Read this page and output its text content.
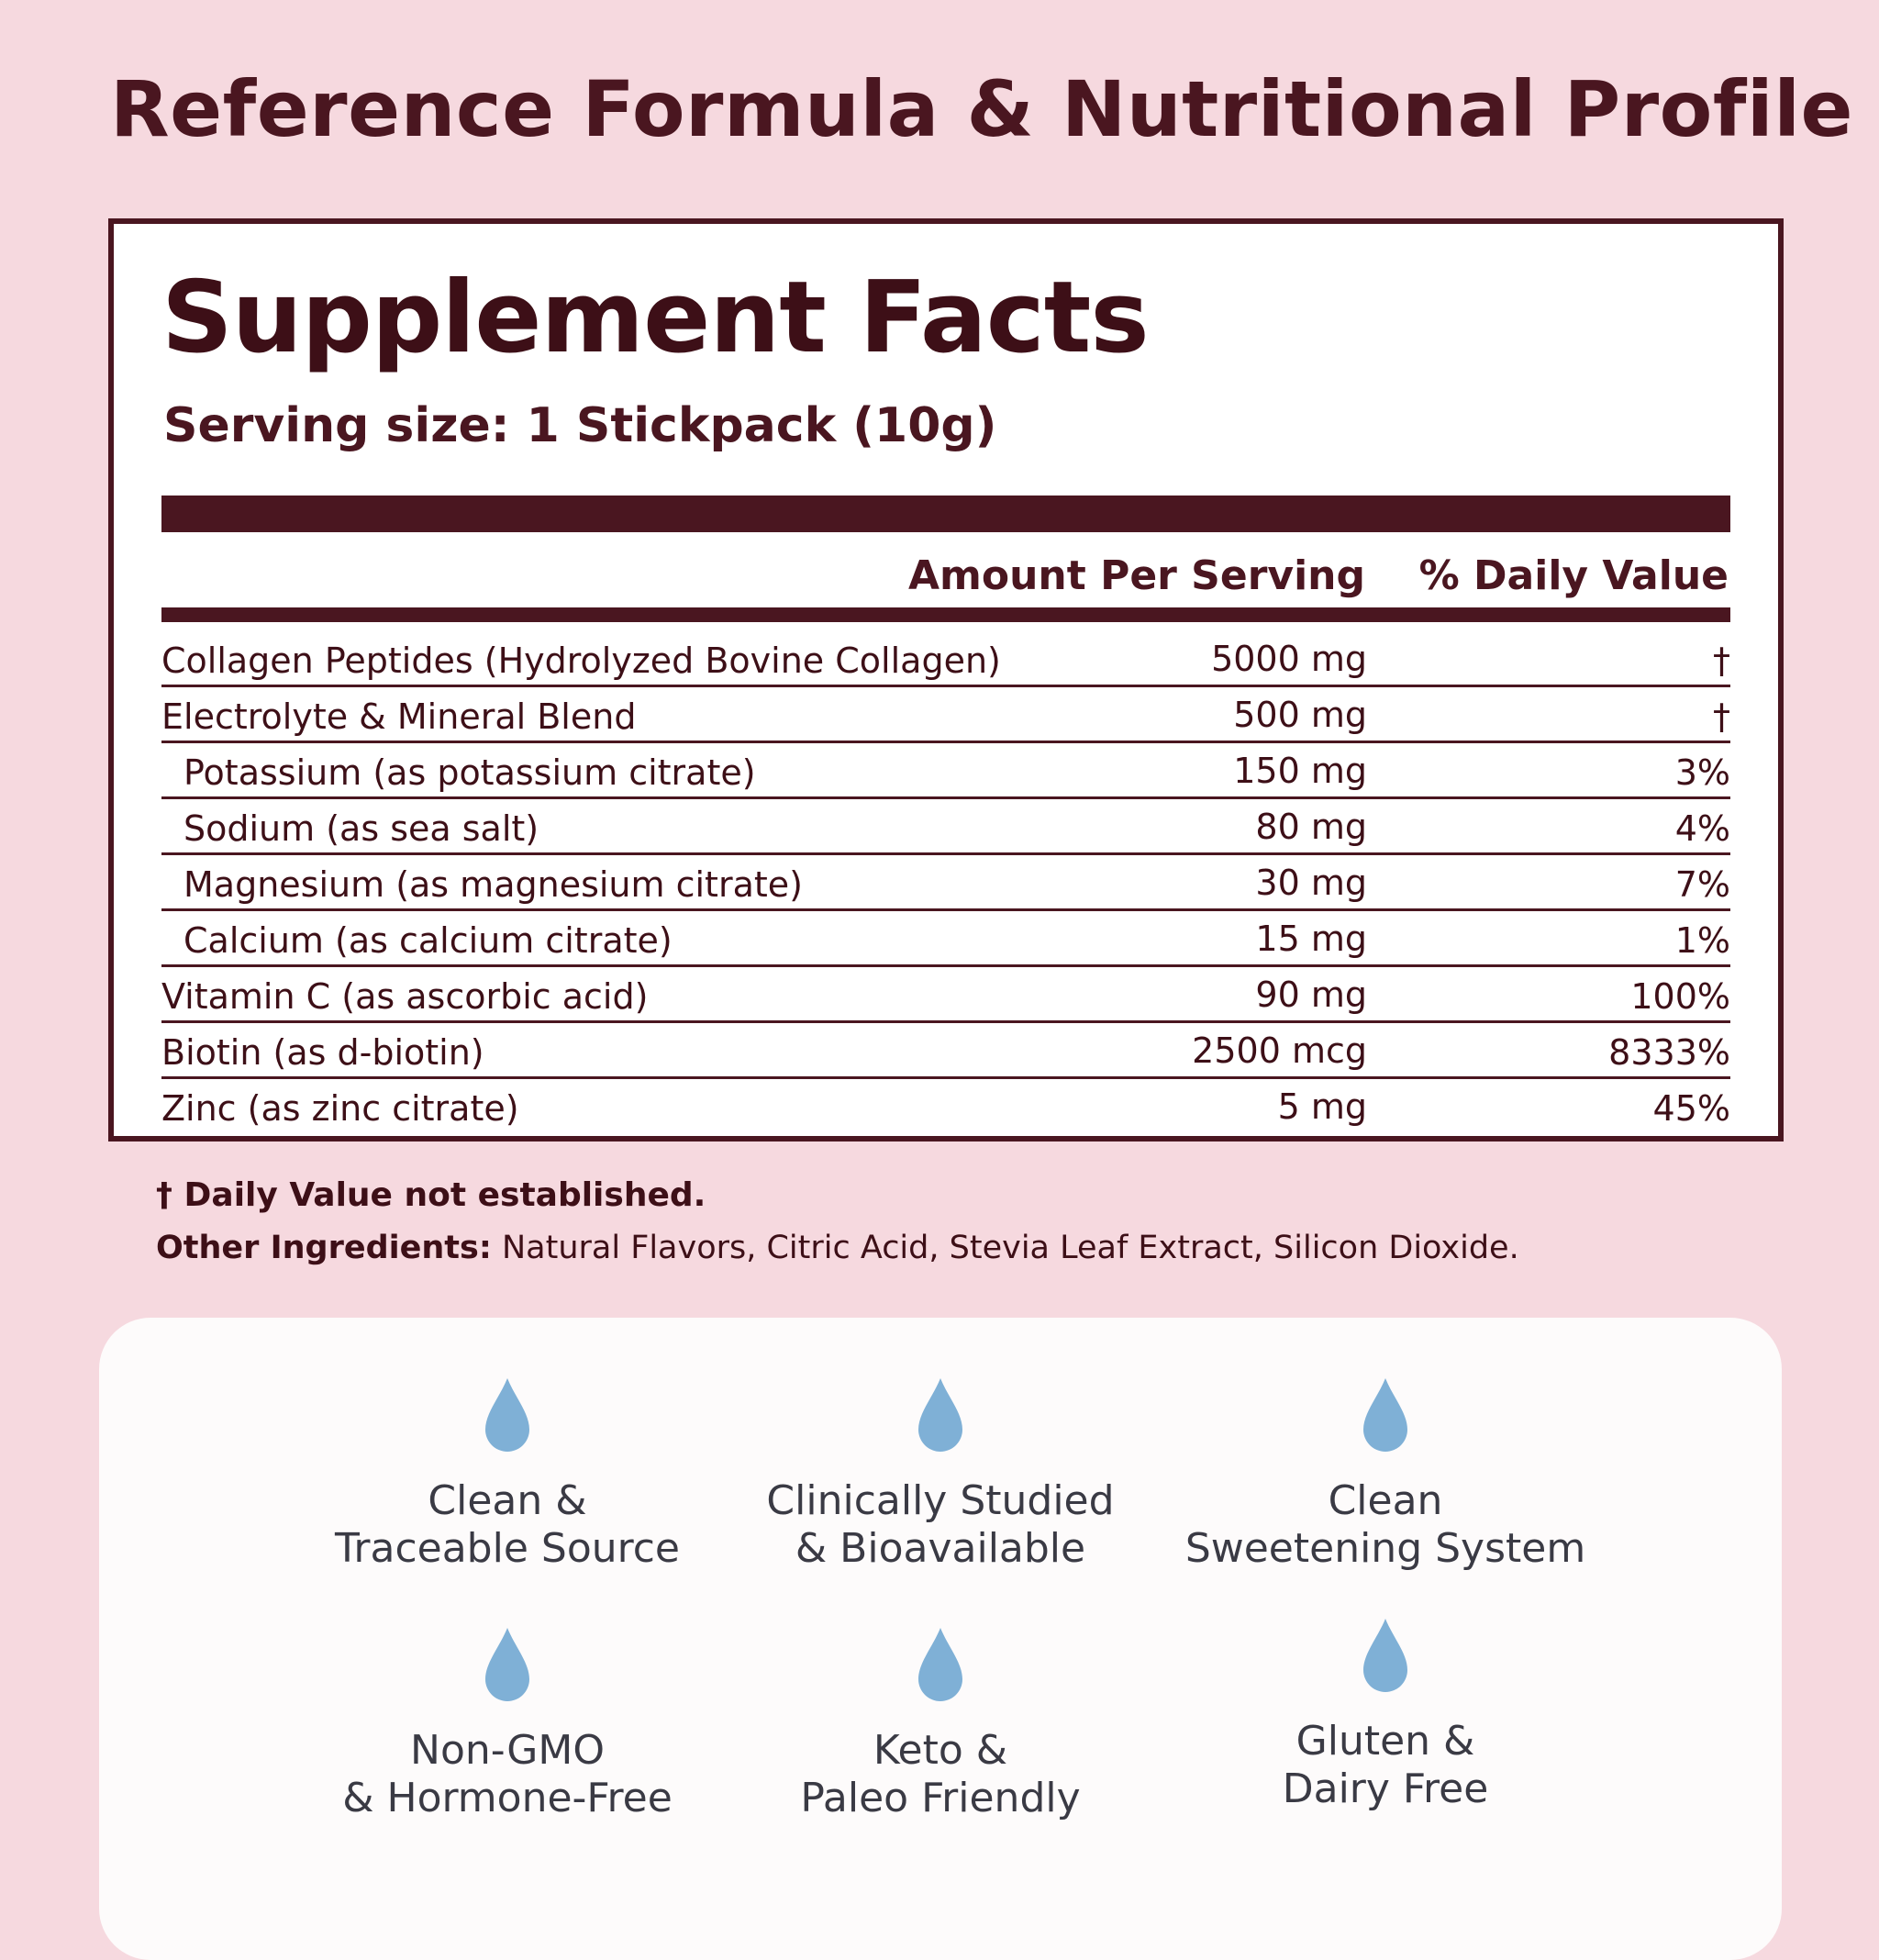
Reference Formula & Nutritional Profile
Supplement Facts
Serving size: 1 Stickpack (10g)
Amount Per Serving % Daily Value
Collagen Peptides (Hydrolyzed Bovine Collagen)	5000 mg	†
Electrolyte & Mineral Blend	500 mg	†
Potassium (as potassium citrate)	150 mg	3%
Sodium (as sea salt)	80 mg	4%
Magnesium (as magnesium citrate)	30 mg	7%
Calcium (as calcium citrate)	15 mg	1%
Vitamin C (as ascorbic acid)	90 mg	100%
Biotin (as d-biotin)	2500 mcg	8333%
Zinc (as zinc citrate)	5 mg	45%
† Daily Value not established.
Other Ingredients: Natural Flavors, Citric Acid, Stevia Leaf Extract, Silicon Dioxide.
Clean &
Traceable Source
Clinically Studied
& Bioavailable
Clean
Sweetening System
Non-GMO
& Hormone-Free
Keto &
Paleo Friendly
Gluten &
Dairy Free
